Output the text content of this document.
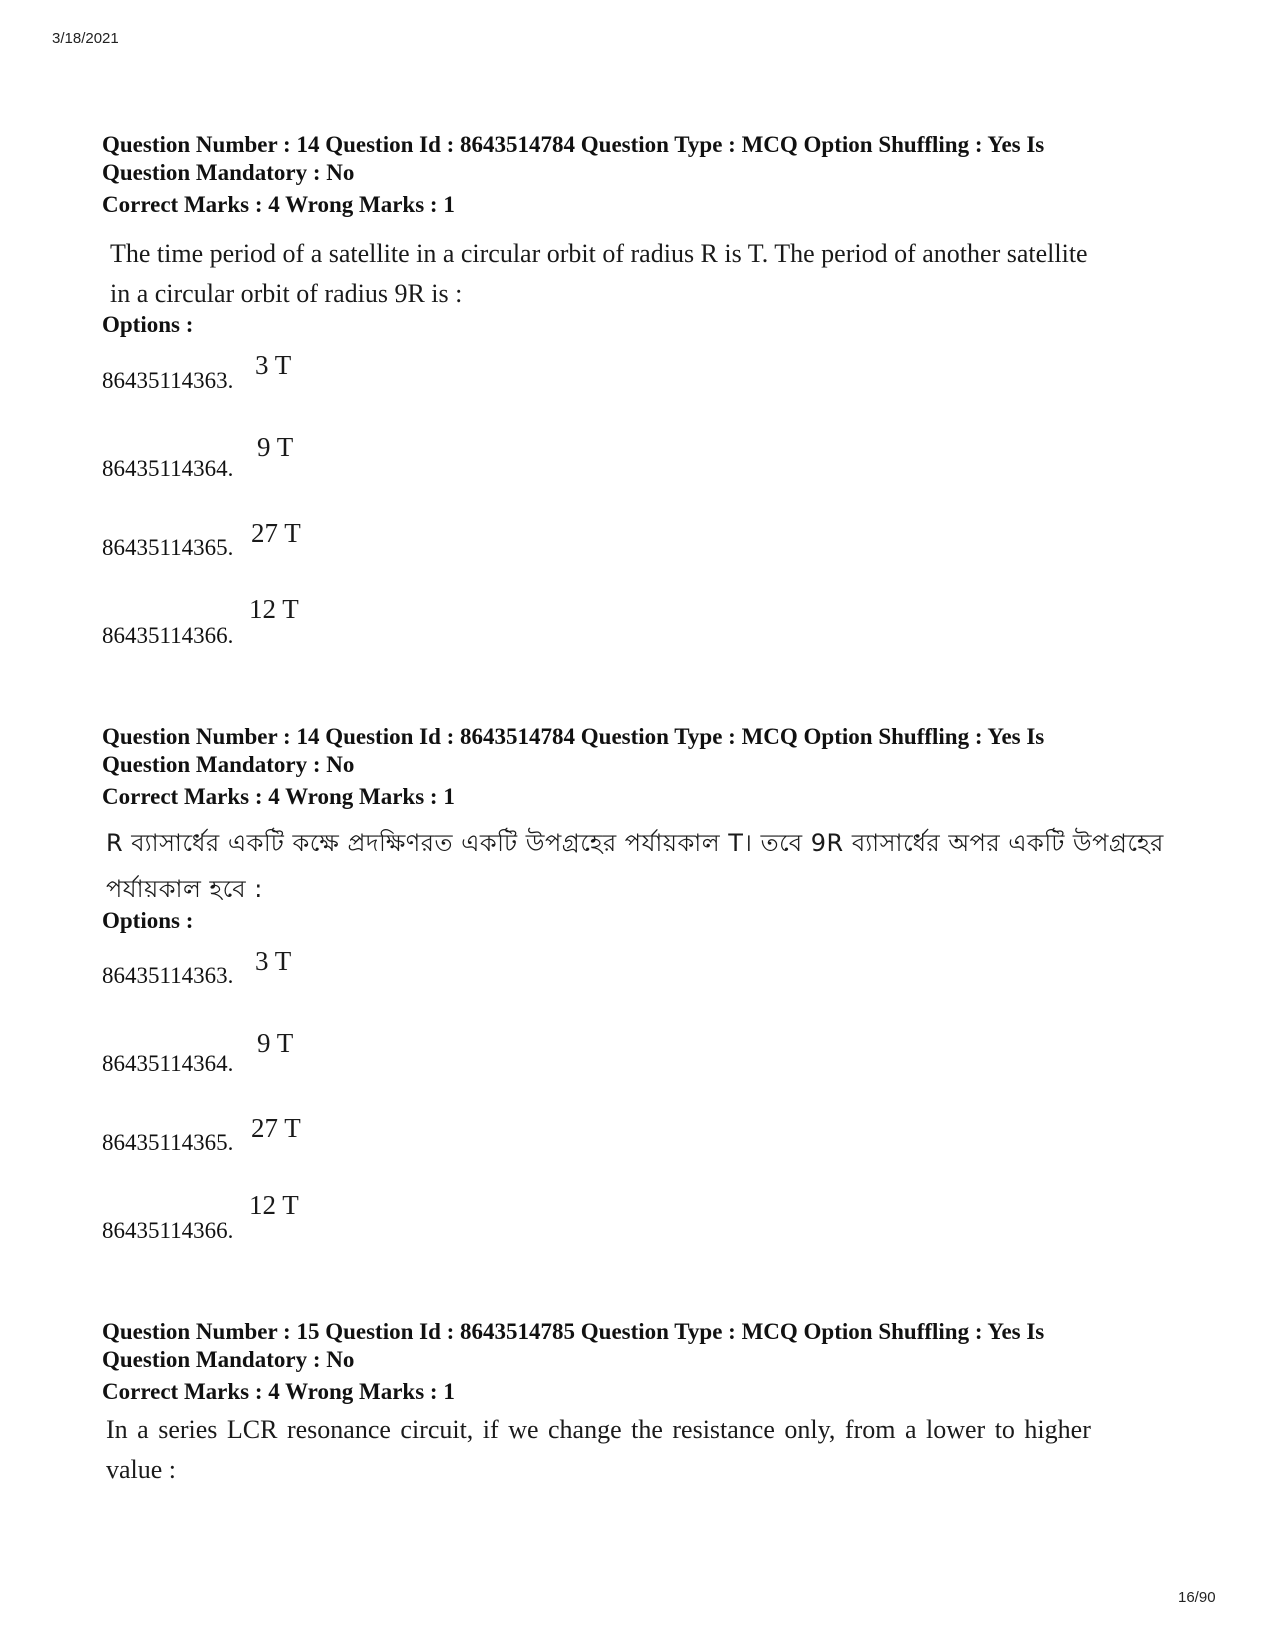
3/18/2021
Question Number : 14 Question Id : 8643514784 Question Type : MCQ Option Shuffling : Yes Is
Question Mandatory : No
Correct Marks : 4 Wrong Marks : 1
The time period of a satellite in a circular orbit of radius R is T. The period of another satellite
in a circular orbit of radius 9R is :
Options :
86435114363.
3 T
86435114364.
9 T
86435114365. 27 T
86435114366.
12 T
Question Number : 14 Question Id : 8643514784 Question Type : MCQ Option Shuffling : Yes Is
Question Mandatory : No
Correct Marks : 4 Wrong Marks : 1
R ব্যাসার্ধের একটি কক্ষে প্রদক্ষিণরত একটি উপগ্রহের পর্যায়কাল T। তবে 9R ব্যাসার্ধের অপর একটি উপগ্রহের
পর্যায়কাল হবে :
Options :
86435114363. 3 T
86435114364.
9 T
86435114365. 27 T
86435114366.
12 T
Question Number : 15 Question Id : 8643514785 Question Type : MCQ Option Shuffling : Yes Is
Question Mandatory : No
Correct Marks : 4 Wrong Marks : 1
In a series LCR resonance circuit, if we change the resistance only, from a lower to higher
value :
16/90
